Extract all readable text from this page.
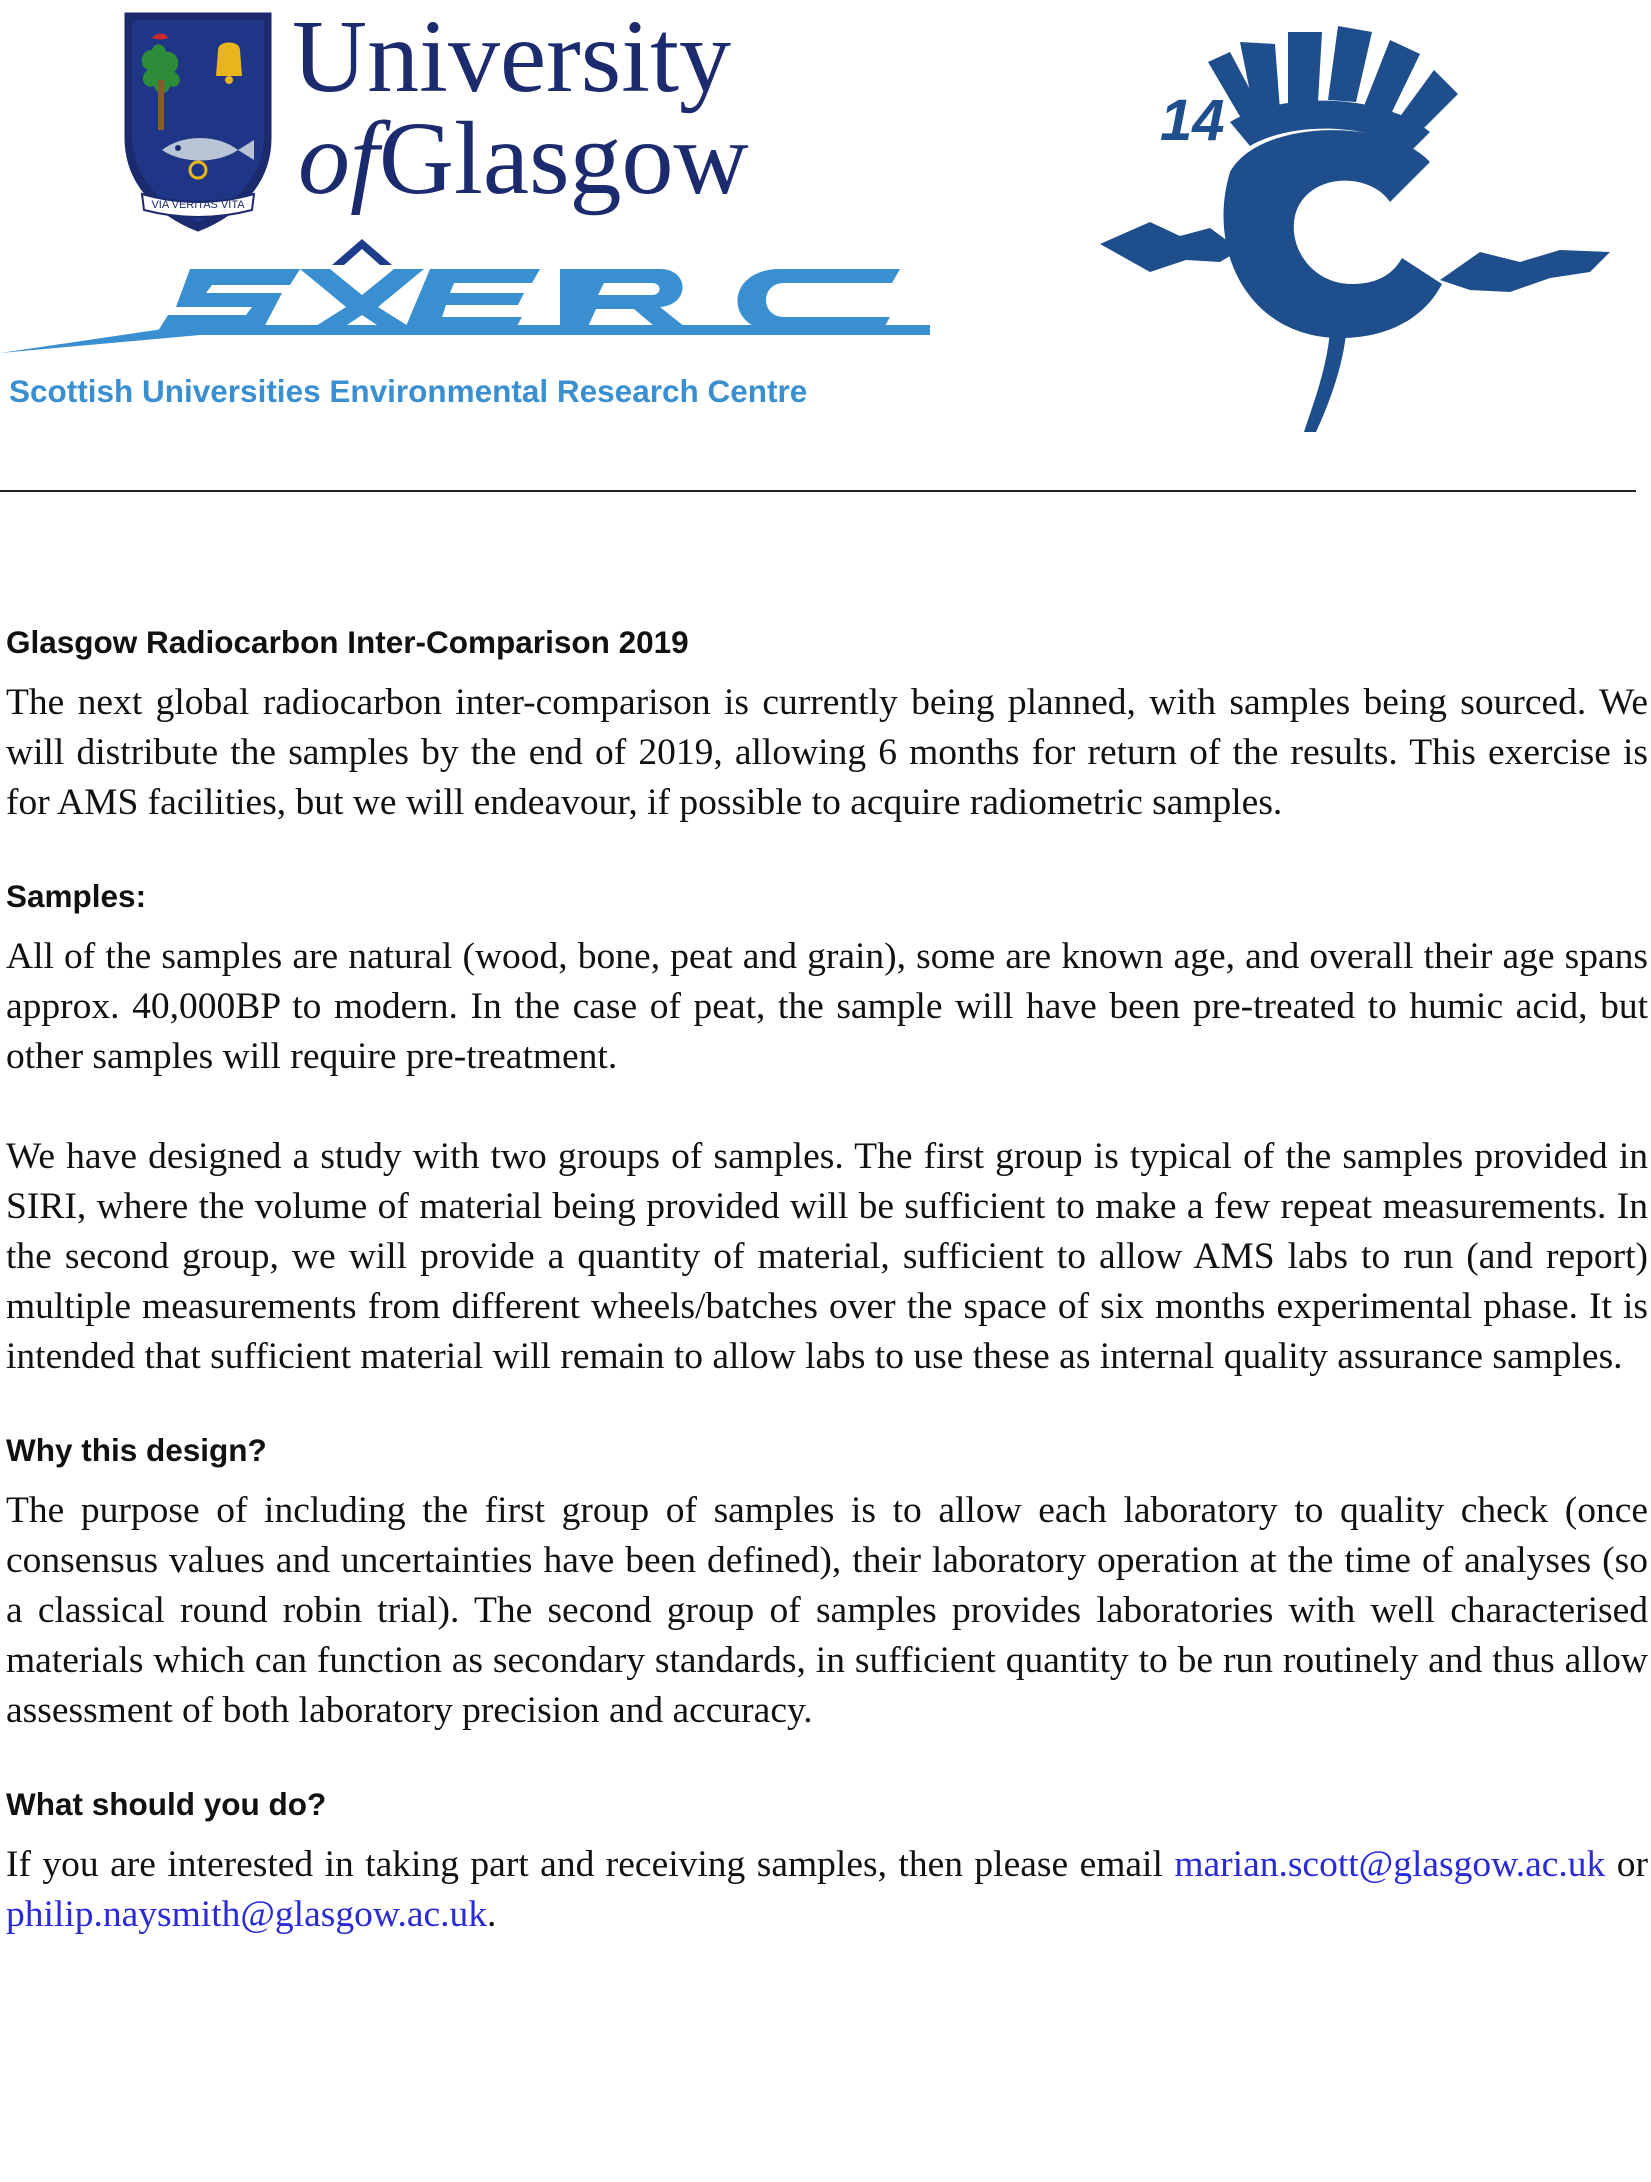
VIA VERITAS VITA
University
ofGlasgow
Scottish Universities Environmental Research Centre
14
Glasgow Radiocarbon Inter-Comparison 2019

The next global radiocarbon inter-comparison is currently being planned, with samples being sourced. We will distribute the samples by the end of 2019, allowing 6 months for return of the results. This exercise is for AMS facilities, but we will endeavour, if possible to acquire radiometric samples.

Samples:

All of the samples are natural (wood, bone, peat and grain), some are known age, and overall their age spans approx. 40,000BP to modern. In the case of peat, the sample will have been pre-treated to humic acid, but other samples will require pre-treatment.

We have designed a study with two groups of samples. The first group is typical of the samples provided in SIRI, where the volume of material being provided will be sufficient to make a few repeat measurements. In the second group, we will provide a quantity of material, sufficient to allow AMS labs to run (and report) multiple measurements from different wheels/batches over the space of six months experimental phase. It is intended that sufficient material will remain to allow labs to use these as internal quality assurance samples.

Why this design?

The purpose of including the first group of samples is to allow each laboratory to quality check (once consensus values and uncertainties have been defined), their laboratory operation at the time of analyses (so a classical round robin trial). The second group of samples provides laboratories with well characterised materials which can function as secondary standards, in sufficient quantity to be run routinely and thus allow assessment of both laboratory precision and accuracy.

What should you do?

If you are interested in taking part and receiving samples, then please email marian.scott@glasgow.ac.uk or philip.naysmith@glasgow.ac.uk.
